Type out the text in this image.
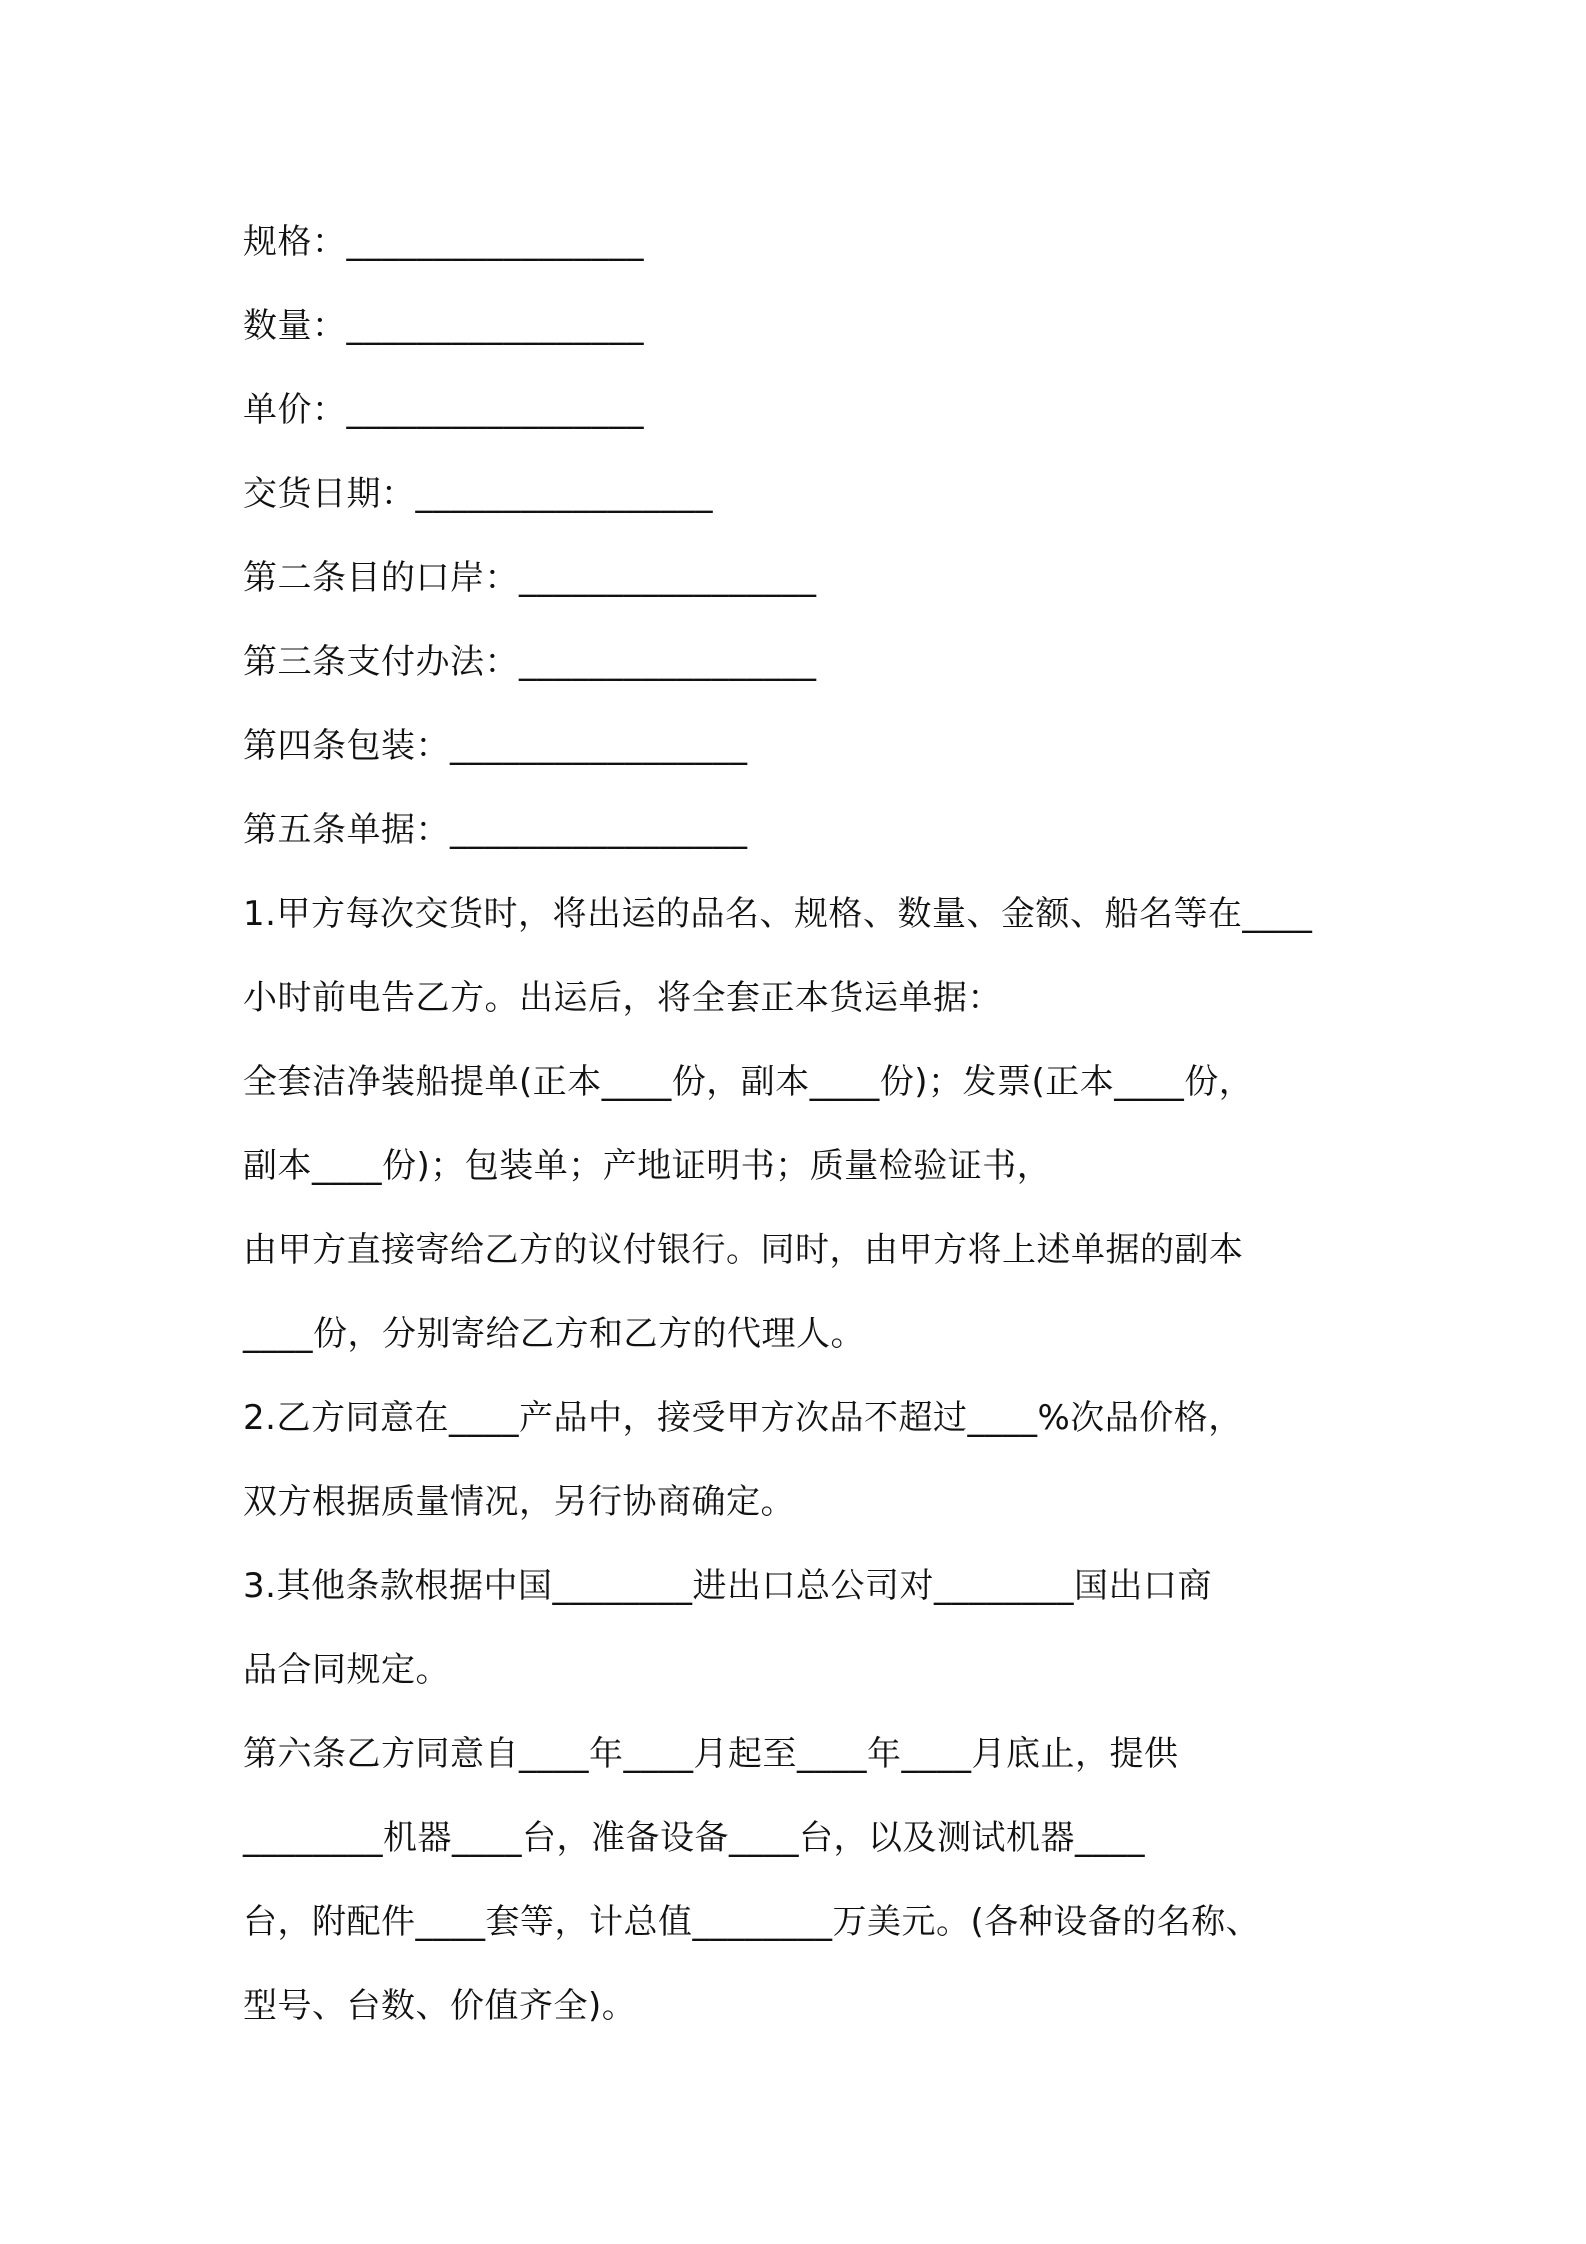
规格：_________________
数量：_________________
单价：_________________
交货日期：_________________
第二条目的口岸：_________________
第三条支付办法：_________________
第四条包装：_________________
第五条单据：_________________
1.甲方每次交货时，将出运的品名、规格、数量、金额、船名等在____
小时前电告乙方。出运后，将全套正本货运单据：
全套洁净装船提单(正本____份，副本____份)；发票(正本____份，
副本____份)；包装单；产地证明书；质量检验证书，
由甲方直接寄给乙方的议付银行。同时，由甲方将上述单据的副本
____份，分别寄给乙方和乙方的代理人。
2.乙方同意在____产品中，接受甲方次品不超过____%次品价格，
双方根据质量情况，另行协商确定。
3.其他条款根据中国________进出口总公司对________国出口商
品合同规定。
第六条乙方同意自____年____月起至____年____月底止，提供
________机器____台，准备设备____台，以及测试机器____
台，附配件____套等，计总值________万美元。(各种设备的名称、
型号、台数、价值齐全)。
